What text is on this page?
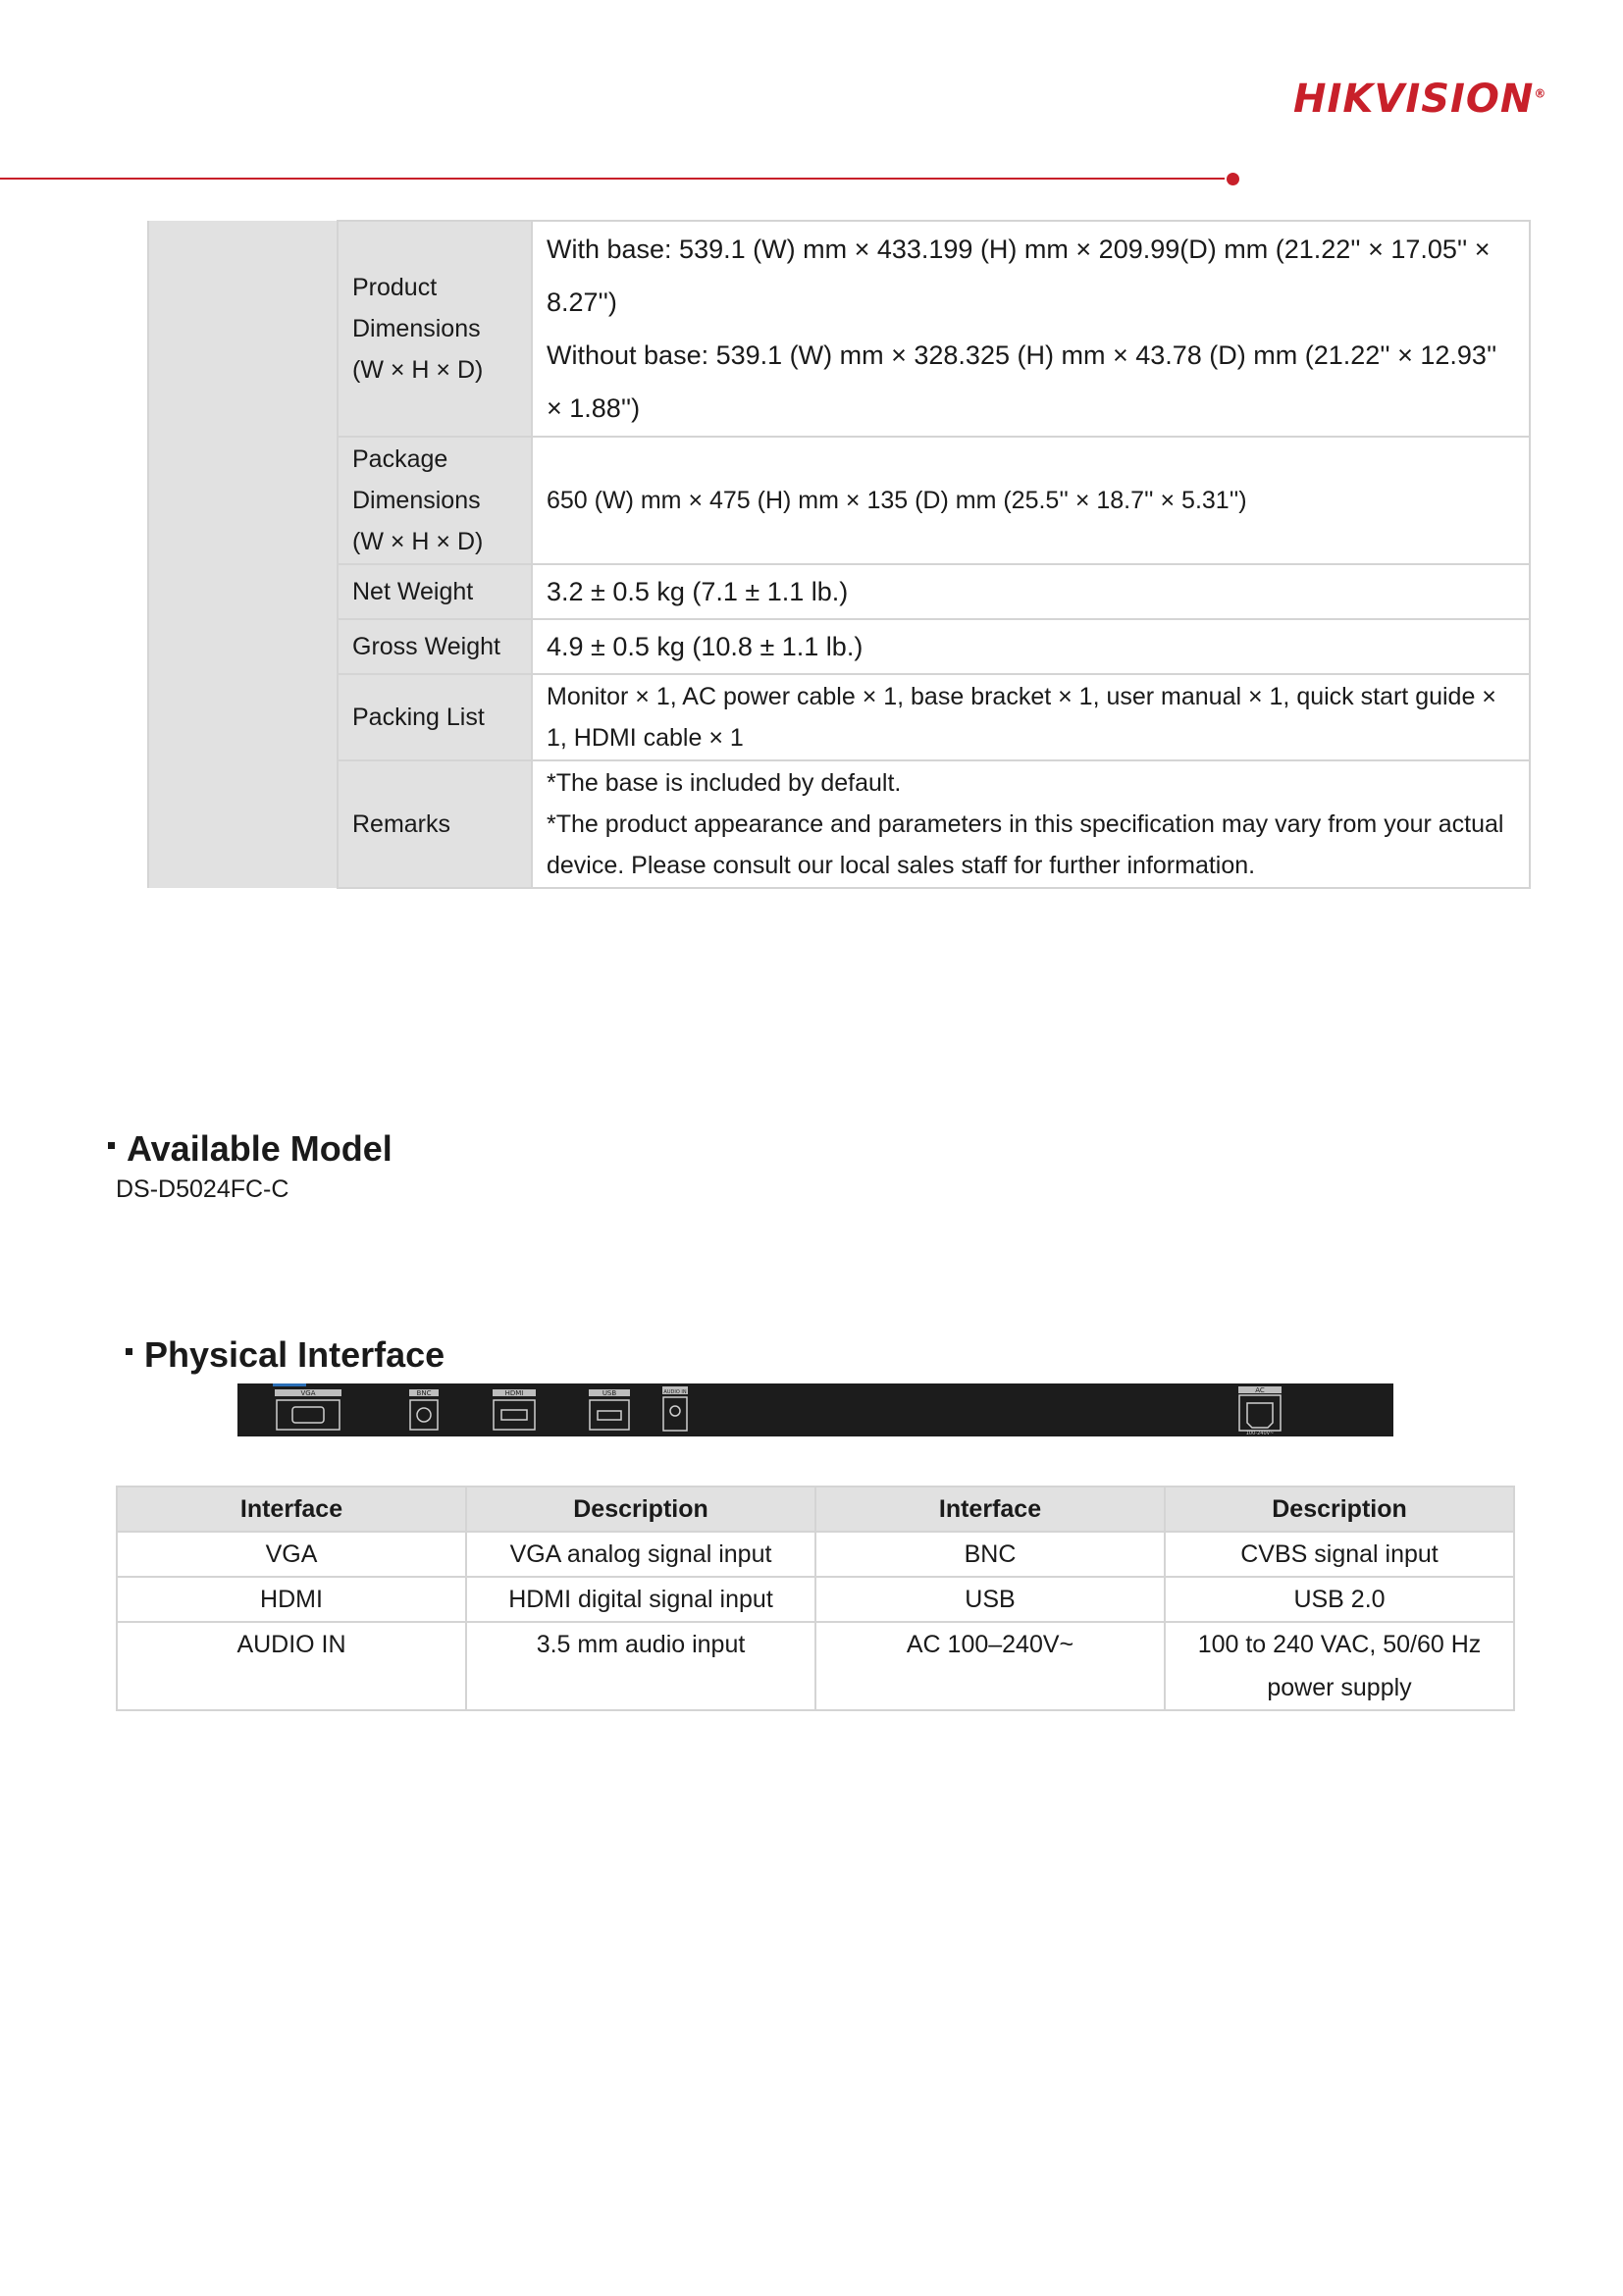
HIKVISION®
	Product Dimensions (W × H × D)	With base: 539.1 (W) mm × 433.199 (H) mm × 209.99(D) mm (21.22'' × 17.05'' × 8.27'')
Without base: 539.1 (W) mm × 328.325 (H) mm × 43.78 (D) mm (21.22'' × 12.93'' × 1.88'')

	Package Dimensions (W × H × D)	650 (W) mm × 475 (H) mm × 135 (D) mm (25.5'' × 18.7'' × 5.31'')

	Net Weight	3.2 ± 0.5 kg (7.1 ± 1.1 lb.)

	Gross Weight	4.9 ± 0.5 kg (10.8 ± 1.1 lb.)

	Packing List	Monitor × 1, AC power cable × 1, base bracket × 1, user manual × 1, quick start guide × 1, HDMI cable × 1

	Remarks	*The base is included by default.
*The product appearance and parameters in this specification may vary from your actual device. Please consult our local sales staff for further information.
Available Model
DS-D5024FC-C
Physical Interface
VGA	BNC	HDMI	USB	AUDIO IN	AC
100-240V~
Interface	Description	Interface	Description
VGA	VGA analog signal input	BNC	CVBS signal input
HDMI	HDMI digital signal input	USB	USB 2.0
AUDIO IN	3.5 mm audio input	AC 100–240V~	100 to 240 VAC, 50/60 Hz power supply
